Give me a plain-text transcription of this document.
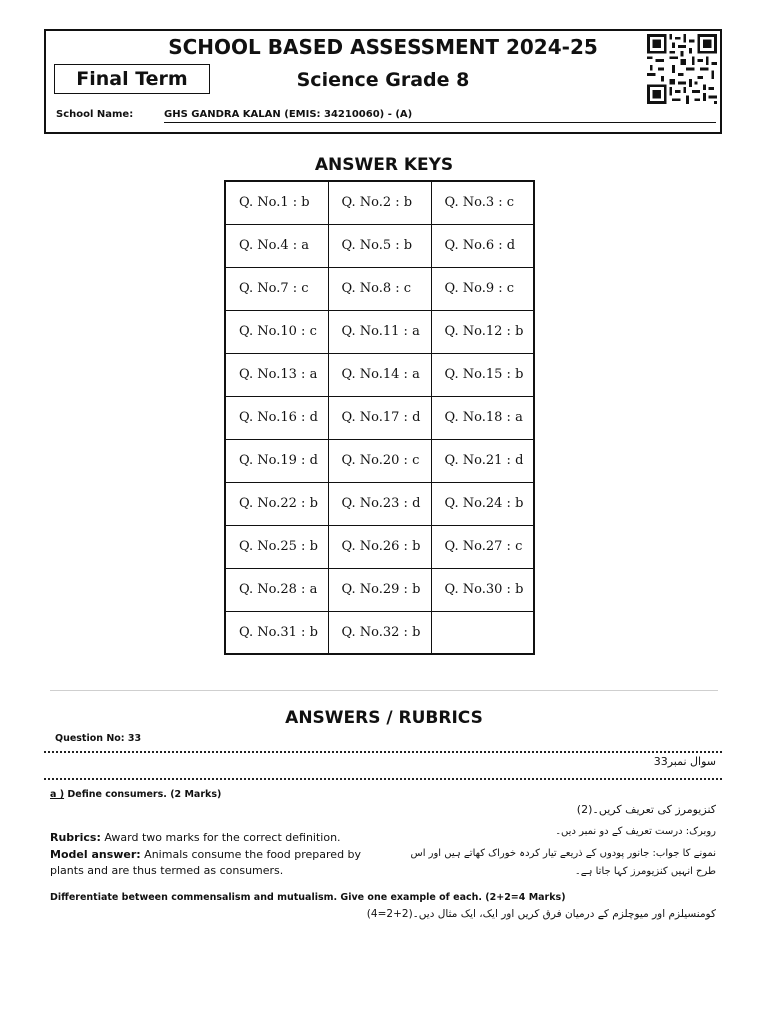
SCHOOL BASED ASSESSMENT 2024-25
Final Term	Science Grade 8
School Name:	GHS GANDRA KALAN (EMIS: 34210060) - (A)
ANSWER KEYS
Q. No.1 : b	Q. No.2 : b	Q. No.3 : c
Q. No.4 : a	Q. No.5 : b	Q. No.6 : d
Q. No.7 : c	Q. No.8 : c	Q. No.9 : c
Q. No.10 : c	Q. No.11 : a	Q. No.12 : b
Q. No.13 : a	Q. No.14 : a	Q. No.15 : b
Q. No.16 : d	Q. No.17 : d	Q. No.18 : a
Q. No.19 : d	Q. No.20 : c	Q. No.21 : d
Q. No.22 : b	Q. No.23 : d	Q. No.24 : b
Q. No.25 : b	Q. No.26 : b	Q. No.27 : c
Q. No.28 : a	Q. No.29 : b	Q. No.30 : b
Q. No.31 : b	Q. No.32 : b	
ANSWERS / RUBRICS
Question No: 33
سوال نمبر33
a ) Define consumers. (2 Marks)
کنزیومرز کی تعریف کریں۔(2)
Rubrics: Award two marks for the correct definition.	روبرک: درست تعریف کے دو نمبر دیں۔
Model answer: Animals consume the food prepared by plants and are thus termed as consumers.
نمونے کا جواب: جانور پودوں کے ذریعے تیار کردہ خوراک کھاتے ہیں اور اس طرح انہیں کنزیومرز کہا جاتا ہے۔
Differentiate between commensalism and mutualism. Give one example of each. (2+2=4 Marks)
کومنسیلزم اور میوچلزم کے درمیان فرق کریں اور ایک، ایک مثال دیں۔(2+2=4)
